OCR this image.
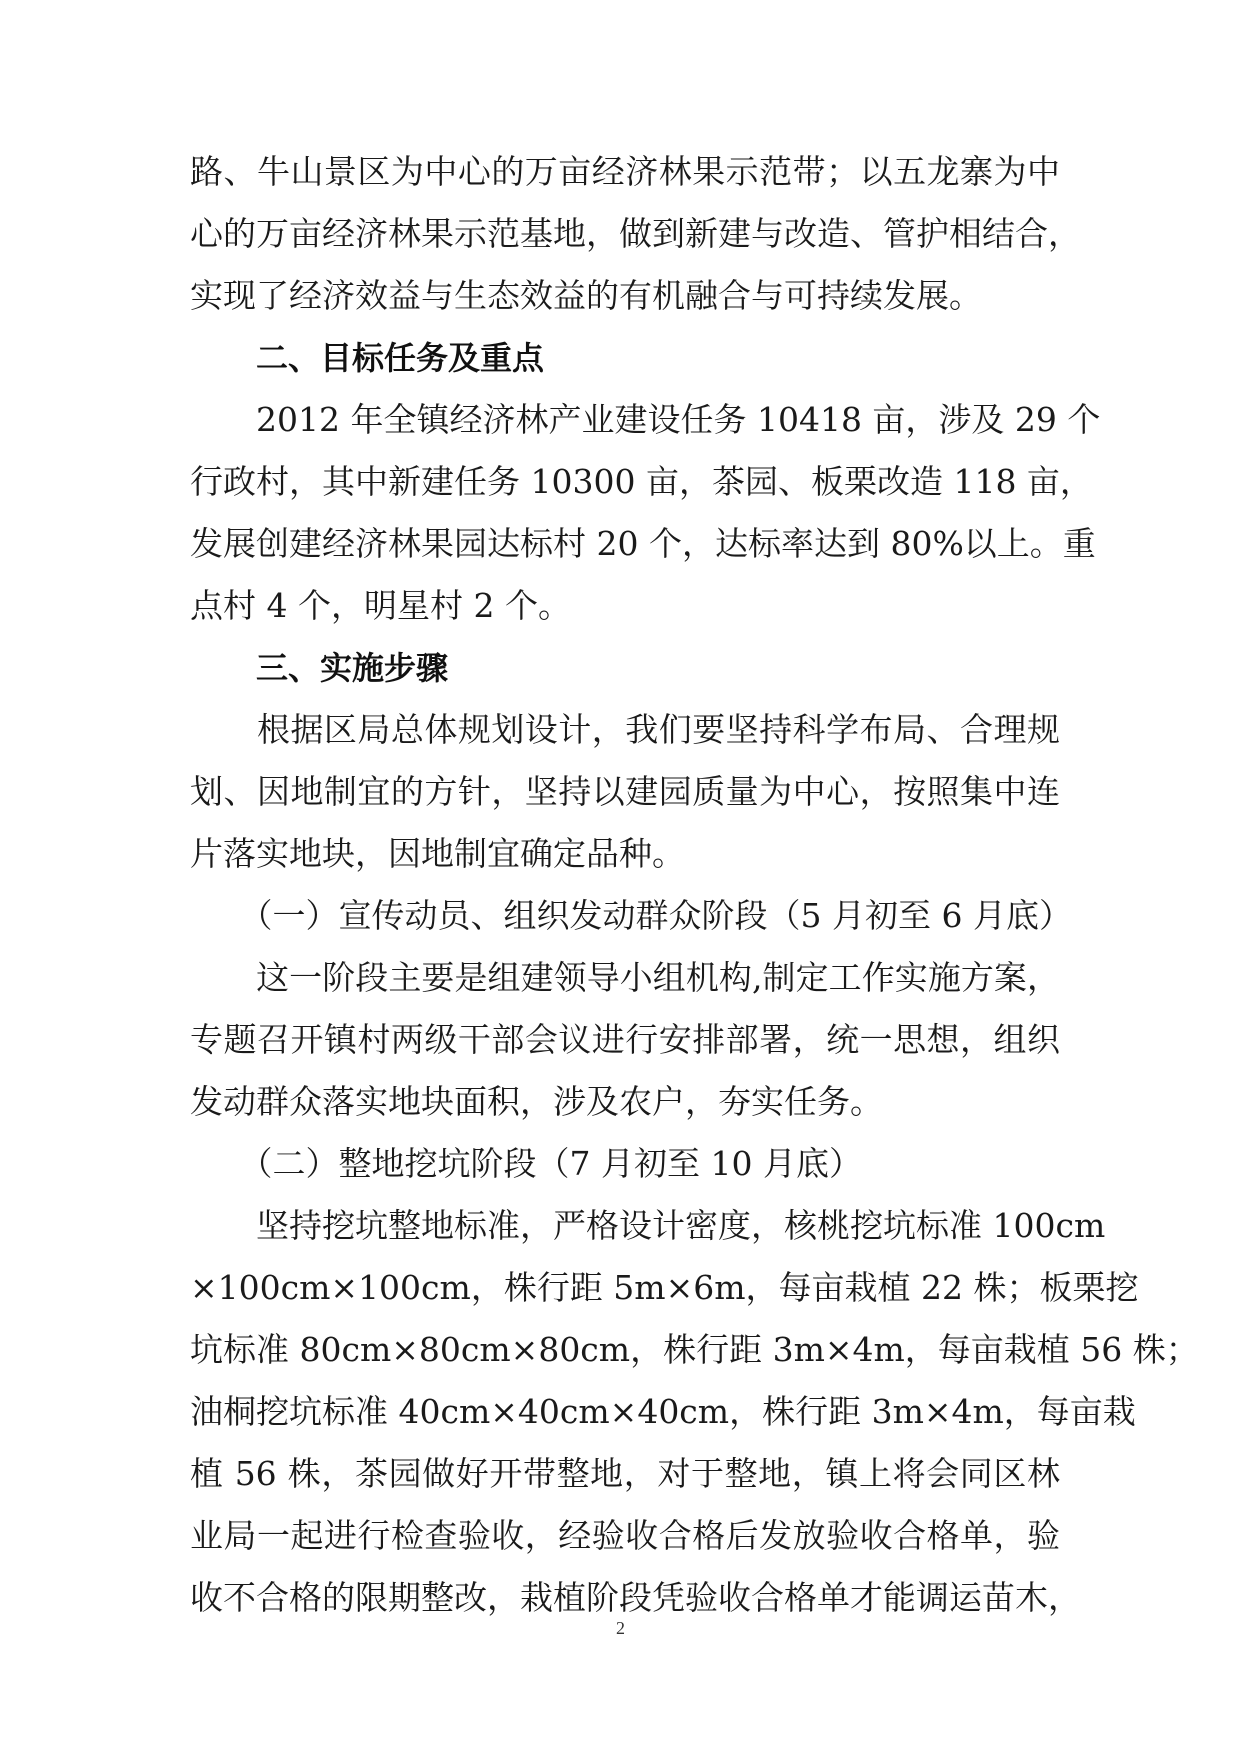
路、牛山景区为中心的万亩经济林果示范带；以五龙寨为中
心的万亩经济林果示范基地，做到新建与改造、管护相结合，
实现了经济效益与生态效益的有机融合与可持续发展。
二、目标任务及重点
　　2012 年全镇经济林产业建设任务 10418 亩，涉及 29 个
行政村，其中新建任务 10300 亩，茶园、板栗改造 118 亩，
发展创建经济林果园达标村 20 个，达标率达到 80%以上。重
点村 4 个，明星村 2 个。
三、实施步骤
　　根据区局总体规划设计，我们要坚持科学布局、合理规
划、因地制宜的方针，坚持以建园质量为中心，按照集中连
片落实地块，因地制宜确定品种。
　　（一）宣传动员、组织发动群众阶段（5 月初至 6 月底）
　　这一阶段主要是组建领导小组机构,制定工作实施方案，
专题召开镇村两级干部会议进行安排部署，统一思想，组织
发动群众落实地块面积，涉及农户，夯实任务。
　　（二）整地挖坑阶段（7 月初至 10 月底）
　　坚持挖坑整地标准，严格设计密度，核桃挖坑标准 100cm
×100cm×100cm，株行距 5m×6m，每亩栽植 22 株；板栗挖
坑标准 80cm×80cm×80cm，株行距 3m×4m，每亩栽植 56 株；
油桐挖坑标准 40cm×40cm×40cm，株行距 3m×4m，每亩栽
植 56 株，茶园做好开带整地，对于整地，镇上将会同区林
业局一起进行检查验收，经验收合格后发放验收合格单，验
收不合格的限期整改，栽植阶段凭验收合格单才能调运苗木，
2
